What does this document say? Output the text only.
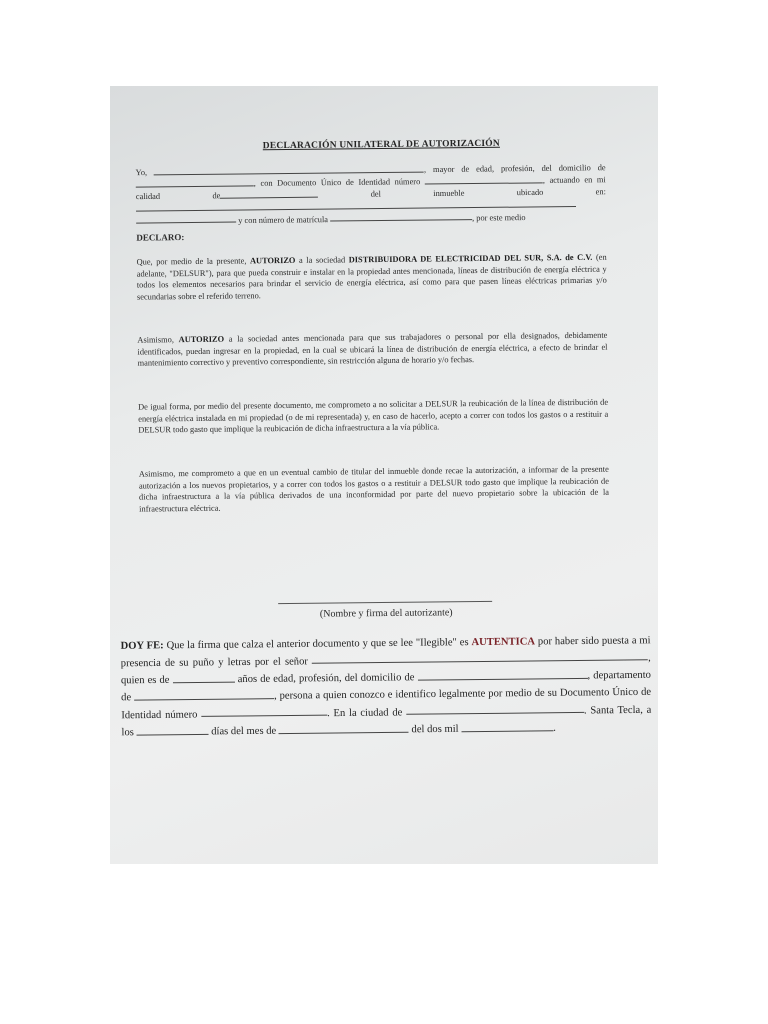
DECLARACIÓN UNILATERAL DE AUTORIZACIÓN

Yo,	, mayor de edad, profesión, del domicilio de , con Documento Único de Identidad número	, actuando en mi calidad de	del inmueble ubicado en:   y con número de matrícula	, por este medio

DECLARO:

Que, por medio de la presente, AUTORIZO a la sociedad DISTRIBUIDORA DE ELECTRICIDAD DEL SUR, S.A. de C.V. (en adelante, "DELSUR"), para que pueda construir e instalar en la propiedad antes mencionada, líneas de distribución de energía eléctrica y todos los elementos necesarios para brindar el servicio de energía eléctrica, así como para que pasen líneas eléctricas primarias y/o secundarias sobre el referido terreno.

Asimismo, AUTORIZO a la sociedad antes mencionada para que sus trabajadores o personal por ella designados, debidamente identificados, puedan ingresar en la propiedad, en la cual se ubicará la línea de distribución de energía eléctrica, a efecto de brindar el mantenimiento correctivo y preventivo correspondiente, sin restricción alguna de horario y/o fechas.

De igual forma, por medio del presente documento, me comprometo a no solicitar a DELSUR la reubicación de la línea de distribución de energía eléctrica instalada en mi propiedad (o de mi representada) y, en caso de hacerlo, acepto a correr con todos los gastos o a restituir a DELSUR todo gasto que implique la reubicación de dicha infraestructura a la vía pública.

Asimismo, me comprometo a que en un eventual cambio de titular del inmueble donde recae la autorización, a informar de la presente autorización a los nuevos propietarios, y a correr con todos los gastos o a restituir a DELSUR todo gasto que implique la reubicación de dicha infraestructura a la vía pública derivados de una inconformidad por parte del nuevo propietario sobre la ubicación de la infraestructura eléctrica.

(Nombre y firma del autorizante)

DOY FE: Que la firma que calza el anterior documento y que se lee "Ilegible" es AUTENTICA por haber sido puesta a mi presencia de su puño y letras por el señor	, quien es de	años de edad, profesión, del domicilio de	, departamento de	, persona a quien conozco e identifico legalmente por medio de su Documento Único de Identidad número	. En la ciudad de	. Santa Tecla, a los	días del mes de	del dos mil	.
